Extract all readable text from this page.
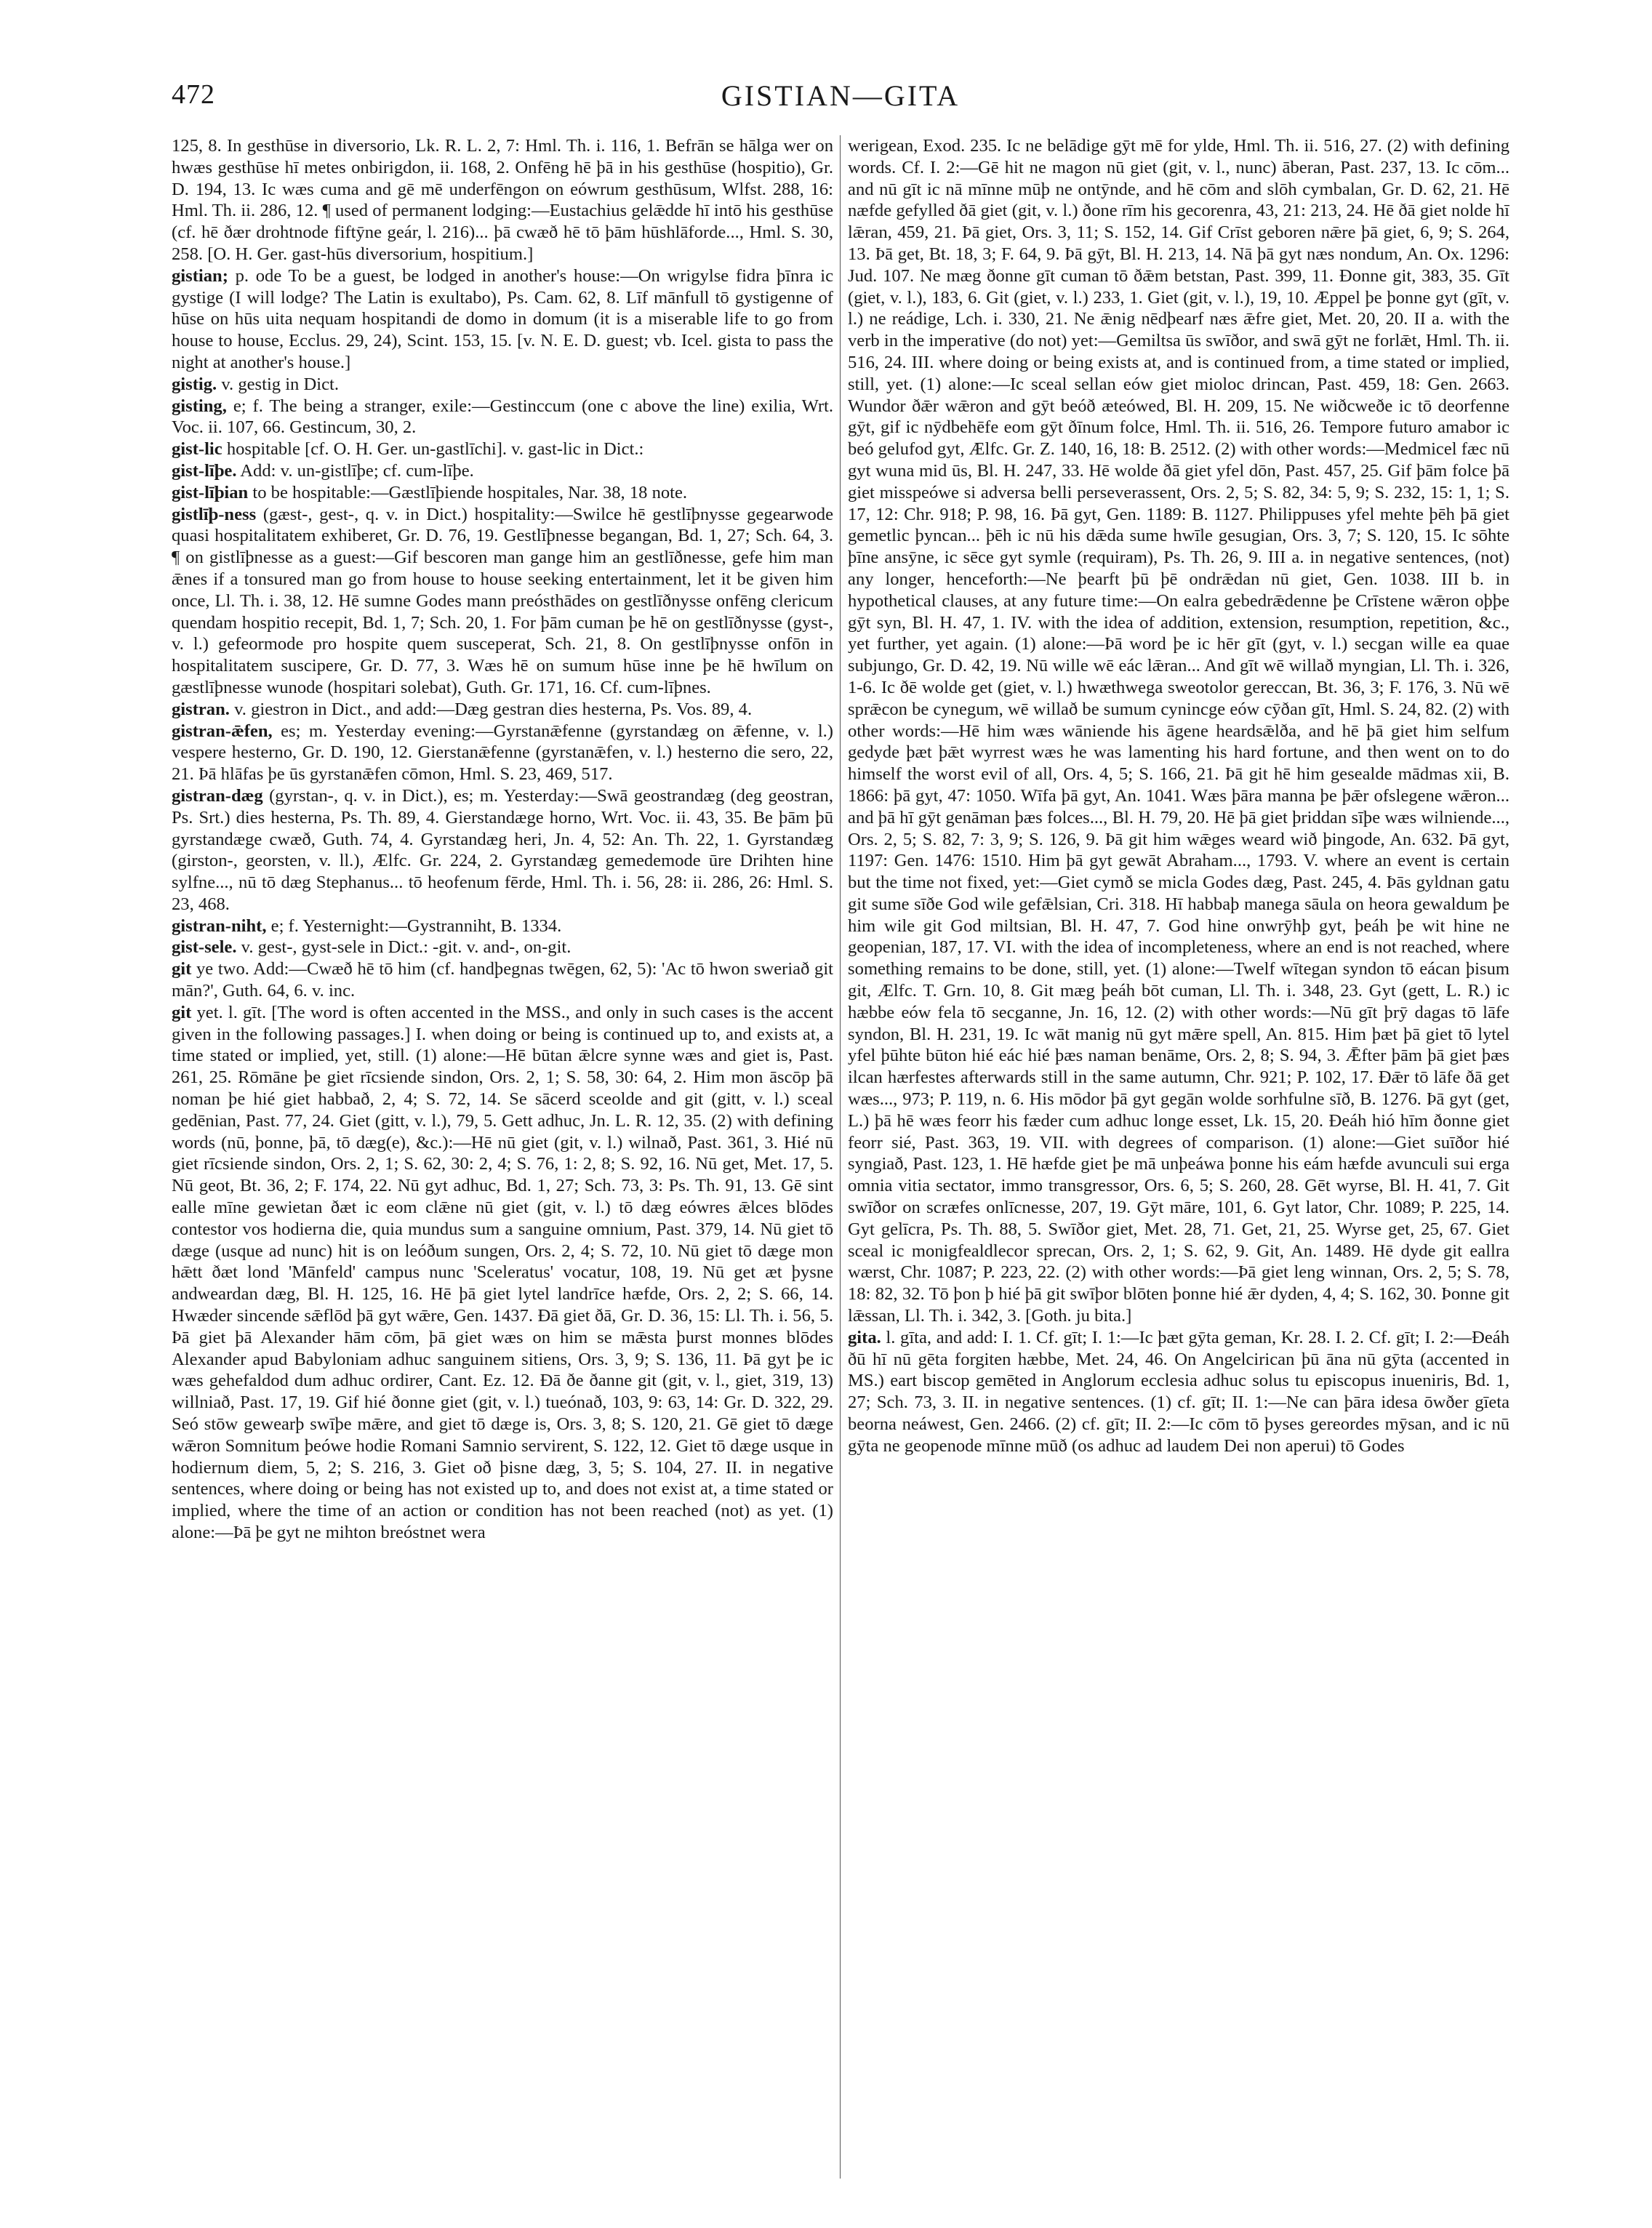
472	GISTIAN—GITA

125, 8. In gesthūse in diversorio, Lk. R. L. 2, 7: Hml. Th. i. 116, 1. Befrān se hālga wer on hwæs gesthūse hī metes onbirigdon, ii. 168, 2. Onfēng hē þā in his gesthūse (hospitio), Gr. D. 194, 13. Ic wæs cuma and gē mē underfēngon on eówrum gesthūsum, Wlfst. 288, 16: Hml. Th. ii. 286, 12. ¶ used of permanent lodging:—Eustachius gelǣdde hī intō his gesthūse (cf. hē ðær drohtnode fiftȳne geár, l. 216)... þā cwæð hē tō þām hūshlāforde..., Hml. S. 30, 258. [O. H. Ger. gast-hūs diversorium, hospitium.]

gistian; p. ode To be a guest, be lodged in another's house:—On wrigylse fidra þīnra ic gystige (I will lodge? The Latin is exultabo), Ps. Cam. 62, 8. Līf mānfull tō gystigenne of hūse on hūs uita nequam hospitandi de domo in domum (it is a miserable life to go from house to house, Ecclus. 29, 24), Scint. 153, 15. [v. N. E. D. guest; vb. Icel. gista to pass the night at another's house.]

gistig. v. gestig in Dict.

gisting, e; f. The being a stranger, exile:—Gestinccum (one c above the line) exilia, Wrt. Voc. ii. 107, 66. Gestincum, 30, 2.

gist-lic hospitable [cf. O. H. Ger. un-gastlīchi]. v. gast-lic in Dict.:

gist-līþe. Add: v. un-gistlīþe; cf. cum-līþe.

gist-līþian to be hospitable:—Gæstlīþiende hospitales, Nar. 38, 18 note.

gistlīþ-ness (gæst-, gest-, q. v. in Dict.) hospitality:—Swilce hē gestlīþnysse gegearwode quasi hospitalitatem exhiberet, Gr. D. 76, 19. Gestlīþnesse begangan, Bd. 1, 27; Sch. 64, 3. ¶ on gistlīþnesse as a guest:—Gif bescoren man gange him an gestlīðnesse, gefe him man ǣnes if a tonsured man go from house to house seeking entertainment, let it be given him once, Ll. Th. i. 38, 12. Hē sumne Godes mann preósthādes on gestlīðnysse onfēng clericum quendam hospitio recepit, Bd. 1, 7; Sch. 20, 1. For þām cuman þe hē on gestlīðnysse (gyst-, v. l.) gefeormode pro hospite quem susceperat, Sch. 21, 8. On gestlīþnysse onfōn in hospitalitatem suscipere, Gr. D. 77, 3. Wæs hē on sumum hūse inne þe hē hwīlum on gæstlīþnesse wunode (hospitari solebat), Guth. Gr. 171, 16. Cf. cum-līþnes.

gistran. v. giestron in Dict., and add:—Dæg gestran dies hesterna, Ps. Vos. 89, 4.

gistran-ǣfen, es; m. Yesterday evening:—Gyrstanǣfenne (gyrstandæg on ǣfenne, v. l.) vespere hesterno, Gr. D. 190, 12. Gierstanǣfenne (gyrstanǣfen, v. l.) hesterno die sero, 22, 21. Þā hlāfas þe ūs gyrstanǣfen cōmon, Hml. S. 23, 469, 517.

gistran-dæg (gyrstan-, q. v. in Dict.), es; m. Yesterday:—Swā geostrandæg (deg geostran, Ps. Srt.) dies hesterna, Ps. Th. 89, 4. Gierstandæge horno, Wrt. Voc. ii. 43, 35. Be þām þū gyrstandæge cwæð, Guth. 74, 4. Gyrstandæg heri, Jn. 4, 52: An. Th. 22, 1. Gyrstandæg (girston-, georsten, v. ll.), Ælfc. Gr. 224, 2. Gyrstandæg gemedemode ūre Drihten hine sylfne..., nū tō dæg Stephanus... tō heofenum fērde, Hml. Th. i. 56, 28: ii. 286, 26: Hml. S. 23, 468.

gistran-niht, e; f. Yesternight:—Gystranniht, B. 1334.

gist-sele. v. gest-, gyst-sele in Dict.: -git. v. and-, on-git.

git ye two. Add:—Cwæð hē tō him (cf. handþegnas twēgen, 62, 5): 'Ac tō hwon sweriað git mān?', Guth. 64, 6. v. inc.

git yet. l. gīt. [The word is often accented in the MSS., and only in such cases is the accent given in the following passages.] I. when doing or being is continued up to, and exists at, a time stated or implied, yet, still. (1) alone:—Hē būtan ǣlcre synne wæs and giet is, Past. 261, 25. Rōmāne þe giet rīcsiende sindon, Ors. 2, 1; S. 58, 30: 64, 2. Him mon āscōp þā noman þe hié giet habbað, 2, 4; S. 72, 14. Se sācerd sceolde and git (gitt, v. l.) sceal gedēnian, Past. 77, 24. Giet (gitt, v. l.), 79, 5. Gett adhuc, Jn. L. R. 12, 35. (2) with defining words (nū, þonne, þā, tō dæg(e), &c.):—Hē nū giet (git, v. l.) wilnað, Past. 361, 3. Hié nū giet rīcsiende sindon, Ors. 2, 1; S. 62, 30: 2, 4; S. 76, 1: 2, 8; S. 92, 16. Nū get, Met. 17, 5. Nū geot, Bt. 36, 2; F. 174, 22. Nū gyt adhuc, Bd. 1, 27; Sch. 73, 3: Ps. Th. 91, 13. Gē sint ealle mīne gewietan ðæt ic eom clǣne nū giet (git, v. l.) tō dæg eówres ǣlces blōdes contestor vos hodierna die, quia mundus sum a sanguine omnium, Past. 379, 14. Nū giet tō dæge (usque ad nunc) hit is on leóðum sungen, Ors. 2, 4; S. 72, 10. Nū giet tō dæge mon hǣtt ðæt lond 'Mānfeld' campus nunc 'Sceleratus' vocatur, 108, 19. Nū get æt þysne andweardan dæg, Bl. H. 125, 16. Hē þā giet lytel landrīce hæfde, Ors. 2, 2; S. 66, 14. Hwæder sincende sǣflōd þā gyt wǣre, Gen. 1437. Ðā giet ðā, Gr. D. 36, 15: Ll. Th. i. 56, 5. Þā giet þā Alexander hām cōm, þā giet wæs on him se mǣsta þurst monnes blōdes Alexander apud Babyloniam adhuc sanguinem sitiens, Ors. 3, 9; S. 136, 11. Þā gyt þe ic wæs gehefaldod dum adhuc ordirer, Cant. Ez. 12. Ðā ðe ðanne git (git, v. l., giet, 319, 13) willniað, Past. 17, 19. Gif hié ðonne giet (git, v. l.) tueónað, 103, 9: 63, 14: Gr. D. 322, 29. Seó stōw gewearþ swīþe mǣre, and giet tō dæge is, Ors. 3, 8; S. 120, 21. Gē giet tō dæge wǣron Somnitum þeówe hodie Romani Samnio servirent, S. 122, 12. Giet tō dæge usque in hodiernum diem, 5, 2; S. 216, 3. Giet oð þisne dæg, 3, 5; S. 104, 27. II. in negative sentences, where doing or being has not existed up to, and does not exist at, a time stated or implied, where the time of an action or condition has not been reached (not) as yet. (1) alone:—Þā þe gyt ne mihton breóstnet wera

werigean, Exod. 235. Ic ne belādige gȳt mē for ylde, Hml. Th. ii. 516, 27. (2) with defining words. Cf. I. 2:—Gē hit ne magon nū giet (git, v. l., nunc) āberan, Past. 237, 13. Ic cōm... and nū gīt ic nā mīnne mūþ ne ontȳnde, and hē cōm and slōh cymbalan, Gr. D. 62, 21. Hē næfde gefylled ðā giet (git, v. l.) ðone rīm his gecorenra, 43, 21: 213, 24. Hē ðā giet nolde hī lǣran, 459, 21. Þā giet, Ors. 3, 11; S. 152, 14. Gif Crīst geboren nǣre þā giet, 6, 9; S. 264, 13. Þā get, Bt. 18, 3; F. 64, 9. Þā gȳt, Bl. H. 213, 14. Nā þā gyt næs nondum, An. Ox. 1296: Jud. 107. Ne mæg ðonne gīt cuman tō ðǣm betstan, Past. 399, 11. Ðonne git, 383, 35. Gīt (giet, v. l.), 183, 6. Git (giet, v. l.) 233, 1. Giet (git, v. l.), 19, 10. Æppel þe þonne gyt (gīt, v. l.) ne reádige, Lch. i. 330, 21. Ne ǣnig nēdþearf næs ǣfre giet, Met. 20, 20. II a. with the verb in the imperative (do not) yet:—Gemiltsa ūs swīðor, and swā gȳt ne forlǣt, Hml. Th. ii. 516, 24. III. where doing or being exists at, and is continued from, a time stated or implied, still, yet. (1) alone:—Ic sceal sellan eów giet mioloc drincan, Past. 459, 18: Gen. 2663. Wundor ðǣr wǣron and gȳt beóð æteówed, Bl. H. 209, 15. Ne wiðcweðe ic tō deorfenne gȳt, gif ic nȳdbehēfe eom gȳt ðīnum folce, Hml. Th. ii. 516, 26. Tempore futuro amabor ic beó gelufod gyt, Ælfc. Gr. Z. 140, 16, 18: B. 2512. (2) with other words:—Medmicel fæc nū gyt wuna mid ūs, Bl. H. 247, 33. Hē wolde ðā giet yfel dōn, Past. 457, 25. Gif þām folce þā giet misspeówe si adversa belli perseverassent, Ors. 2, 5; S. 82, 34: 5, 9; S. 232, 15: 1, 1; S. 17, 12: Chr. 918; P. 98, 16. Þā gyt, Gen. 1189: B. 1127. Philippuses yfel mehte þēh þā giet gemetlic þyncan... þēh ic nū his dǣda sume hwīle gesugian, Ors. 3, 7; S. 120, 15. Ic sōhte þīne ansȳne, ic sēce gyt symle (requiram), Ps. Th. 26, 9. III a. in negative sentences, (not) any longer, henceforth:—Ne þearft þū þē ondrǣdan nū giet, Gen. 1038. III b. in hypothetical clauses, at any future time:—On ealra gebedrǣdenne þe Crīstene wǣron oþþe gȳt syn, Bl. H. 47, 1. IV. with the idea of addition, extension, resumption, repetition, &c., yet further, yet again. (1) alone:—Þā word þe ic hēr gīt (gyt, v. l.) secgan wille ea quae subjungo, Gr. D. 42, 19. Nū wille wē eác lǣran... And gīt wē willað myngian, Ll. Th. i. 326, 1-6. Ic ðē wolde get (giet, v. l.) hwæthwega sweotolor gereccan, Bt. 36, 3; F. 176, 3. Nū wē sprǣcon be cynegum, wē willað be sumum cynincge eów cȳðan gīt, Hml. S. 24, 82. (2) with other words:—Hē him wæs wāniende his āgene heardsǣlða, and hē þā giet him selfum gedyde þæt þǣt wyrrest wæs he was lamenting his hard fortune, and then went on to do himself the worst evil of all, Ors. 4, 5; S. 166, 21. Þā git hē him gesealde mādmas xii, B. 1866: þā gyt, 47: 1050. Wīfa þā gyt, An. 1041. Wæs þāra manna þe þǣr ofslegene wǣron... and þā hī gȳt genāman þæs folces..., Bl. H. 79, 20. Hē þā giet þriddan sīþe wæs wilniende..., Ors. 2, 5; S. 82, 7: 3, 9; S. 126, 9. Þā git him wǣges weard wið þingode, An. 632. Þā gyt, 1197: Gen. 1476: 1510. Him þā gyt gewāt Abraham..., 1793. V. where an event is certain but the time not fixed, yet:—Giet cymð se micla Godes dæg, Past. 245, 4. Þās gyldnan gatu git sume sīðe God wile gefǣlsian, Cri. 318. Hī habbaþ manega sāula on heora gewaldum þe him wile git God miltsian, Bl. H. 47, 7. God hine onwrȳhþ gyt, þeáh þe wit hine ne geopenian, 187, 17. VI. with the idea of incompleteness, where an end is not reached, where something remains to be done, still, yet. (1) alone:—Twelf wītegan syndon tō eácan þisum git, Ælfc. T. Grn. 10, 8. Git mæg þeáh bōt cuman, Ll. Th. i. 348, 23. Gyt (gett, L. R.) ic hæbbe eów fela tō secganne, Jn. 16, 12. (2) with other words:—Nū gīt þrȳ dagas tō lāfe syndon, Bl. H. 231, 19. Ic wāt manig nū gyt mǣre spell, An. 815. Him þæt þā giet tō lytel yfel þūhte būton hié eác hié þæs naman benāme, Ors. 2, 8; S. 94, 3. Ǣfter þām þā giet þæs ilcan hærfestes afterwards still in the same autumn, Chr. 921; P. 102, 17. Ðǣr tō lāfe ðā get wæs..., 973; P. 119, n. 6. His mōdor þā gyt gegān wolde sorhfulne sīð, B. 1276. Þā gyt (get, L.) þā hē wæs feorr his fæder cum adhuc longe esset, Lk. 15, 20. Ðeáh hió hīm ðonne giet feorr sié, Past. 363, 19. VII. with degrees of comparison. (1) alone:—Giet suīðor hié syngiað, Past. 123, 1. Hē hæfde giet þe mā unþeáwa þonne his eám hæfde avunculi sui erga omnia vitia sectator, immo transgressor, Ors. 6, 5; S. 260, 28. Gēt wyrse, Bl. H. 41, 7. Git swīðor on scræfes onlīcnesse, 207, 19. Gȳt māre, 101, 6. Gyt lator, Chr. 1089; P. 225, 14. Gyt gelīcra, Ps. Th. 88, 5. Swīðor giet, Met. 28, 71. Get, 21, 25. Wyrse get, 25, 67. Giet sceal ic monigfealdlecor sprecan, Ors. 2, 1; S. 62, 9. Git, An. 1489. Hē dyde git eallra wærst, Chr. 1087; P. 223, 22. (2) with other words:—Þā giet leng winnan, Ors. 2, 5; S. 78, 18: 82, 32. Tō þon þ hié þā git swīþor blōten þonne hié ǣr dyden, 4, 4; S. 162, 30. Þonne git lǣssan, Ll. Th. i. 342, 3. [Goth. ju bita.]

gita. l. gīta, and add: I. 1. Cf. gīt; I. 1:—Ic þæt gȳta geman, Kr. 28. I. 2. Cf. gīt; I. 2:—Ðeáh ðū hī nū gēta forgiten hæbbe, Met. 24, 46. On Angelcirican þū āna nū gȳta (accented in MS.) eart biscop gemēted in Anglorum ecclesia adhuc solus tu episcopus inueniris, Bd. 1, 27; Sch. 73, 3. II. in negative sentences. (1) cf. gīt; II. 1:—Ne can þāra idesa ōwðer gīeta beorna neáwest, Gen. 2466. (2) cf. gīt; II. 2:—Ic cōm tō þyses gereordes mȳsan, and ic nū gȳta ne geopenode mīnne mūð (os adhuc ad laudem Dei non aperui) tō Godes
